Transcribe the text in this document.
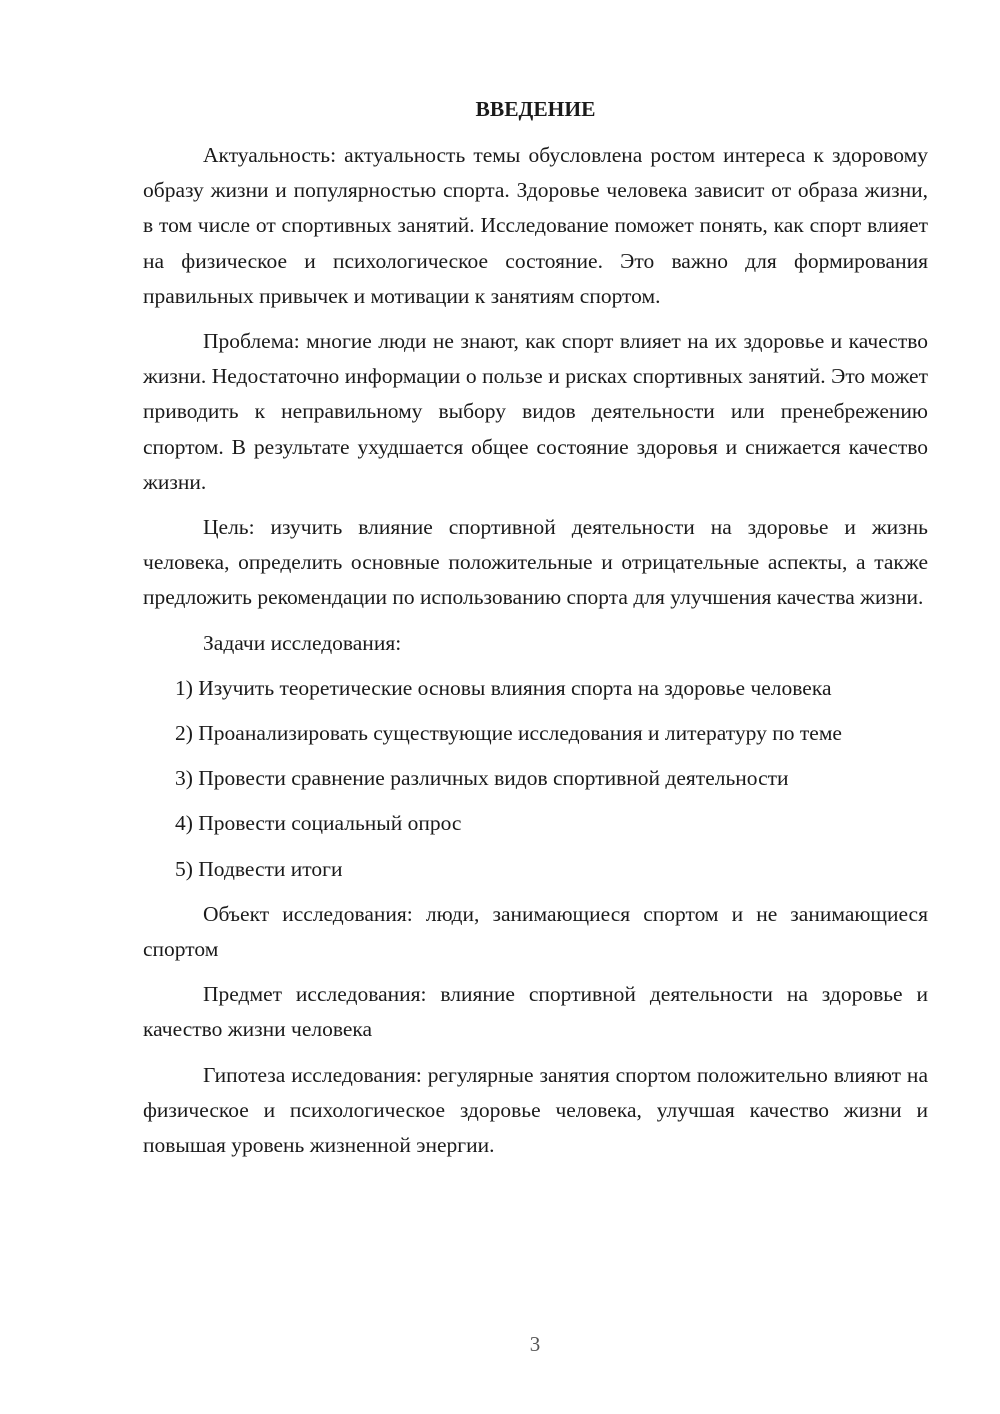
ВВЕДЕНИЕ

Актуальность: актуальность темы обусловлена ростом интереса к здоровому образу жизни и популярностью спорта. Здоровье человека зависит от образа жизни, в том числе от спортивных занятий. Исследование поможет понять, как спорт влияет на физическое и психологическое состояние. Это важно для формирования правильных привычек и мотивации к занятиям спортом.

Проблема: многие люди не знают, как спорт влияет на их здоровье и качество жизни. Недостаточно информации о пользе и рисках спортивных занятий. Это может приводить к неправильному выбору видов деятельности или пренебрежению спортом. В результате ухудшается общее состояние здоровья и снижается качество жизни.

Цель: изучить влияние спортивной деятельности на здоровье и жизнь человека, определить основные положительные и отрицательные аспекты, а также предложить рекомендации по использованию спорта для улучшения качества жизни.

Задачи исследования:

1) Изучить теоретические основы влияния спорта на здоровье человека

2) Проанализировать существующие исследования и литературу по теме

3) Провести сравнение различных видов спортивной деятельности

4) Провести социальный опрос

5) Подвести итоги

Объект исследования: люди, занимающиеся спортом и не занимающиеся спортом

Предмет исследования: влияние спортивной деятельности на здоровье и качество жизни человека

Гипотеза исследования: регулярные занятия спортом положительно влияют на физическое и психологическое здоровье человека, улучшая качество жизни и повышая уровень жизненной энергии.

3
